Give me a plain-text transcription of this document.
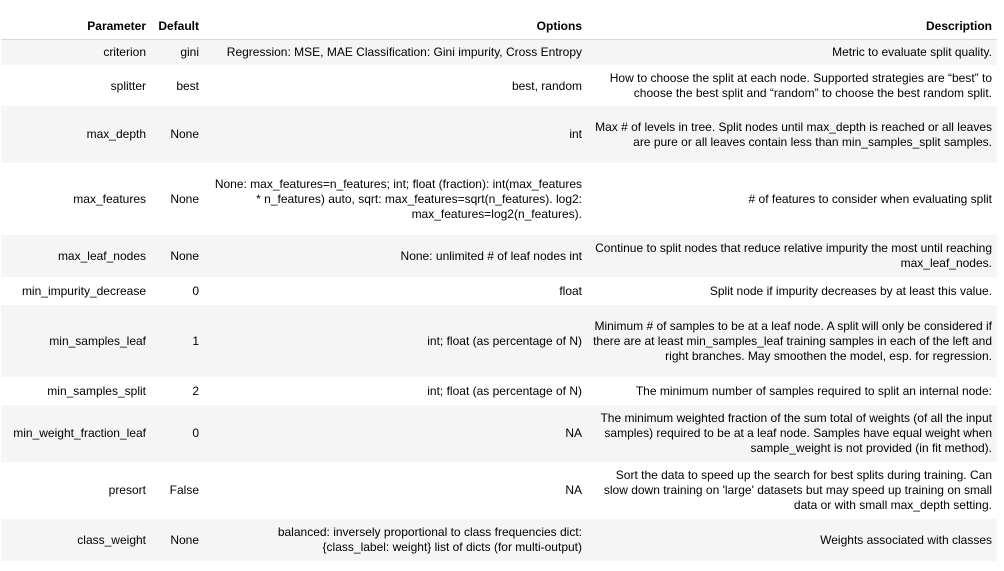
Parameter	Default	Options	Description
criterion	gini	Regression: MSE, MAE Classification: Gini impurity, Cross Entropy	Metric to evaluate split quality.
splitter	best	best, random	How to choose the split at each node. Supported strategies are “best” to choose the best split and “random” to choose the best random split.
max_depth	None	int	Max # of levels in tree. Split nodes until max_depth is reached or all leaves are pure or all leaves contain less than min_samples_split samples.
max_features	None	None: max_features=n_features; int; float (fraction): int(max_features * n_features) auto, sqrt: max_features=sqrt(n_features). log2: max_features=log2(n_features).	# of features to consider when evaluating split
max_leaf_nodes	None	None: unlimited # of leaf nodes int	Continue to split nodes that reduce relative impurity the most until reaching max_leaf_nodes.
min_impurity_decrease	0	float	Split node if impurity decreases by at least this value.
min_samples_leaf	1	int; float (as percentage of N)	Minimum # of samples to be at a leaf node. A split will only be considered if there are at least min_samples_leaf training samples in each of the left and right branches. May smoothen the model, esp. for regression.
min_samples_split	2	int; float (as percentage of N)	The minimum number of samples required to split an internal node:
min_weight_fraction_leaf	0	NA	The minimum weighted fraction of the sum total of weights (of all the input samples) required to be at a leaf node. Samples have equal weight when sample_weight is not provided (in fit method).
presort	False	NA	Sort the data to speed up the search for best splits during training. Can slow down training on 'large' datasets but may speed up training on small data or with small max_depth setting.
class_weight	None	balanced: inversely proportional to class frequencies dict: {class_label: weight} list of dicts (for multi-output)	Weights associated with classes
